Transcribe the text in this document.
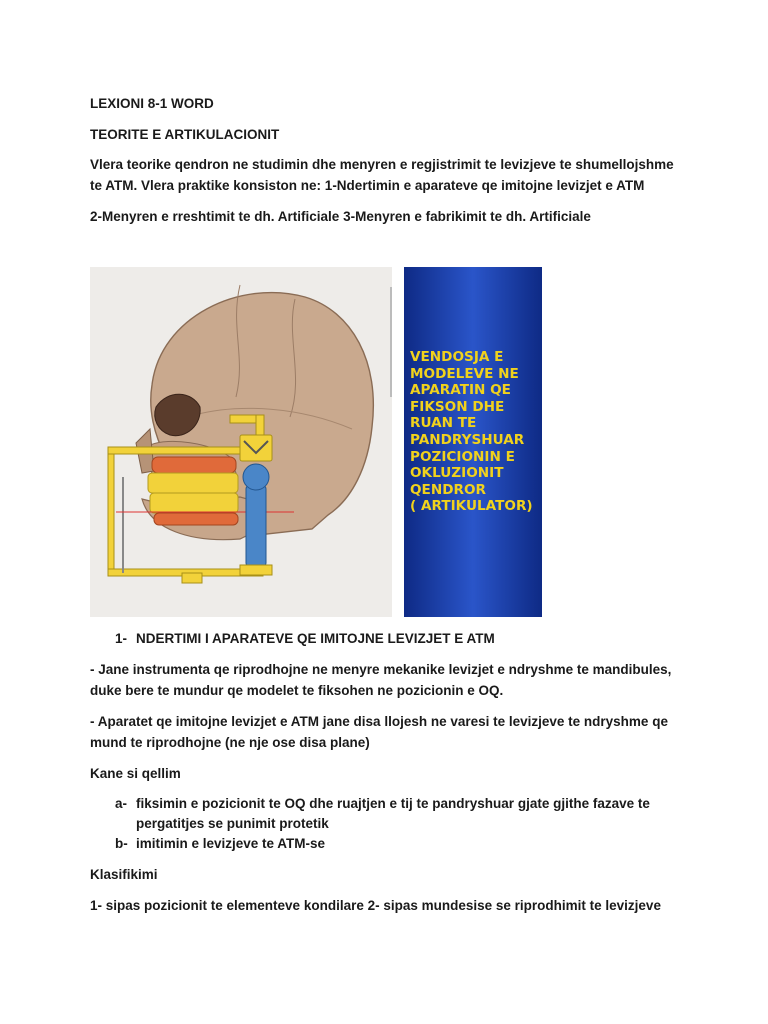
LEXIONI 8-1 WORD
TEORITE E ARTIKULACIONIT
Vlera teorike qendron ne studimin dhe menyren e regjistrimit te levizjeve te shumellojshme
te ATM. Vlera praktike konsiston ne: 1-Ndertimin e aparateve qe imitojne levizjet e ATM
2-Menyren e rreshtimit te dh. Artificiale 3-Menyren e fabrikimit te dh. Artificiale
VENDOSJA E
MODELEVE NE
APARATIN QE
FIKSON DHE
RUAN TE
PANDRYSHUAR
POZICIONIN E
OKLUZIONIT
QENDROR
( ARTIKULATOR)
1- NDERTIMI I APARATEVE QE IMITOJNE LEVIZJET E ATM
- Jane instrumenta qe riprodhojne ne menyre mekanike levizjet e ndryshme te mandibules,
duke bere te mundur qe modelet te fiksohen ne pozicionin e OQ.
- Aparatet qe imitojne levizjet e ATM jane disa llojesh ne varesi te levizjeve te ndryshme qe
mund te riprodhojne (ne nje ose disa plane)
Kane si qellim
a- fiksimin e pozicionit te OQ dhe ruajtjen e tij te pandryshuar gjate gjithe fazave te
pergatitjes se punimit protetik
b- imitimin e levizjeve te ATM-se
Klasifikimi
1- sipas pozicionit te elementeve kondilare 2- sipas mundesise se riprodhimit te levizjeve
